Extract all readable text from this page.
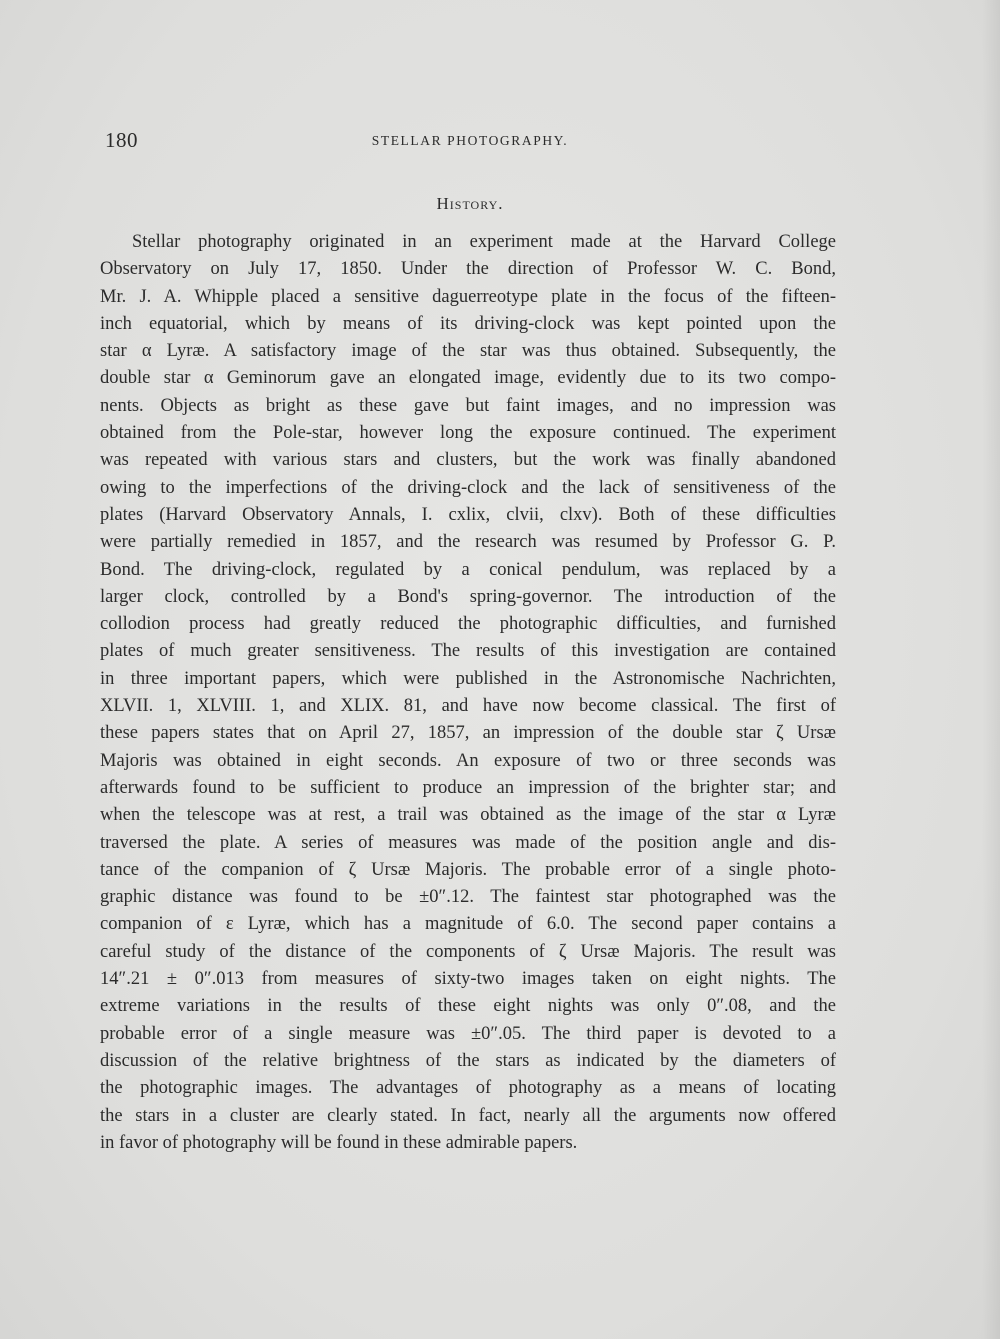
180	STELLAR PHOTOGRAPHY.
History.
Stellar photography originated in an experiment made at the Harvard College
Observatory on July 17, 1850. Under the direction of Professor W. C. Bond,
Mr. J. A. Whipple placed a sensitive daguerreotype plate in the focus of the fifteen-
inch equatorial, which by means of its driving-clock was kept pointed upon the
star α Lyræ. A satisfactory image of the star was thus obtained. Subsequently, the
double star α Geminorum gave an elongated image, evidently due to its two compo-
nents. Objects as bright as these gave but faint images, and no impression was
obtained from the Pole-star, however long the exposure continued. The experiment
was repeated with various stars and clusters, but the work was finally abandoned
owing to the imperfections of the driving-clock and the lack of sensitiveness of the
plates (Harvard Observatory Annals, I. cxlix, clvii, clxv). Both of these difficulties
were partially remedied in 1857, and the research was resumed by Professor G. P.
Bond. The driving-clock, regulated by a conical pendulum, was replaced by a
larger clock, controlled by a Bond's spring-governor. The introduction of the
collodion process had greatly reduced the photographic difficulties, and furnished
plates of much greater sensitiveness. The results of this investigation are contained
in three important papers, which were published in the Astronomische Nachrichten,
XLVII. 1, XLVIII. 1, and XLIX. 81, and have now become classical. The first of
these papers states that on April 27, 1857, an impression of the double star ζ Ursæ
Majoris was obtained in eight seconds. An exposure of two or three seconds was
afterwards found to be sufficient to produce an impression of the brighter star; and
when the telescope was at rest, a trail was obtained as the image of the star α Lyræ
traversed the plate. A series of measures was made of the position angle and dis-
tance of the companion of ζ Ursæ Majoris. The probable error of a single photo-
graphic distance was found to be ±0″.12. The faintest star photographed was the
companion of ε Lyræ, which has a magnitude of 6.0. The second paper contains a
careful study of the distance of the components of ζ Ursæ Majoris. The result was
14″.21 ± 0″.013 from measures of sixty-two images taken on eight nights. The
extreme variations in the results of these eight nights was only 0″.08, and the
probable error of a single measure was ±0″.05. The third paper is devoted to a
discussion of the relative brightness of the stars as indicated by the diameters of
the photographic images. The advantages of photography as a means of locating
the stars in a cluster are clearly stated. In fact, nearly all the arguments now offered
in favor of photography will be found in these admirable papers.
